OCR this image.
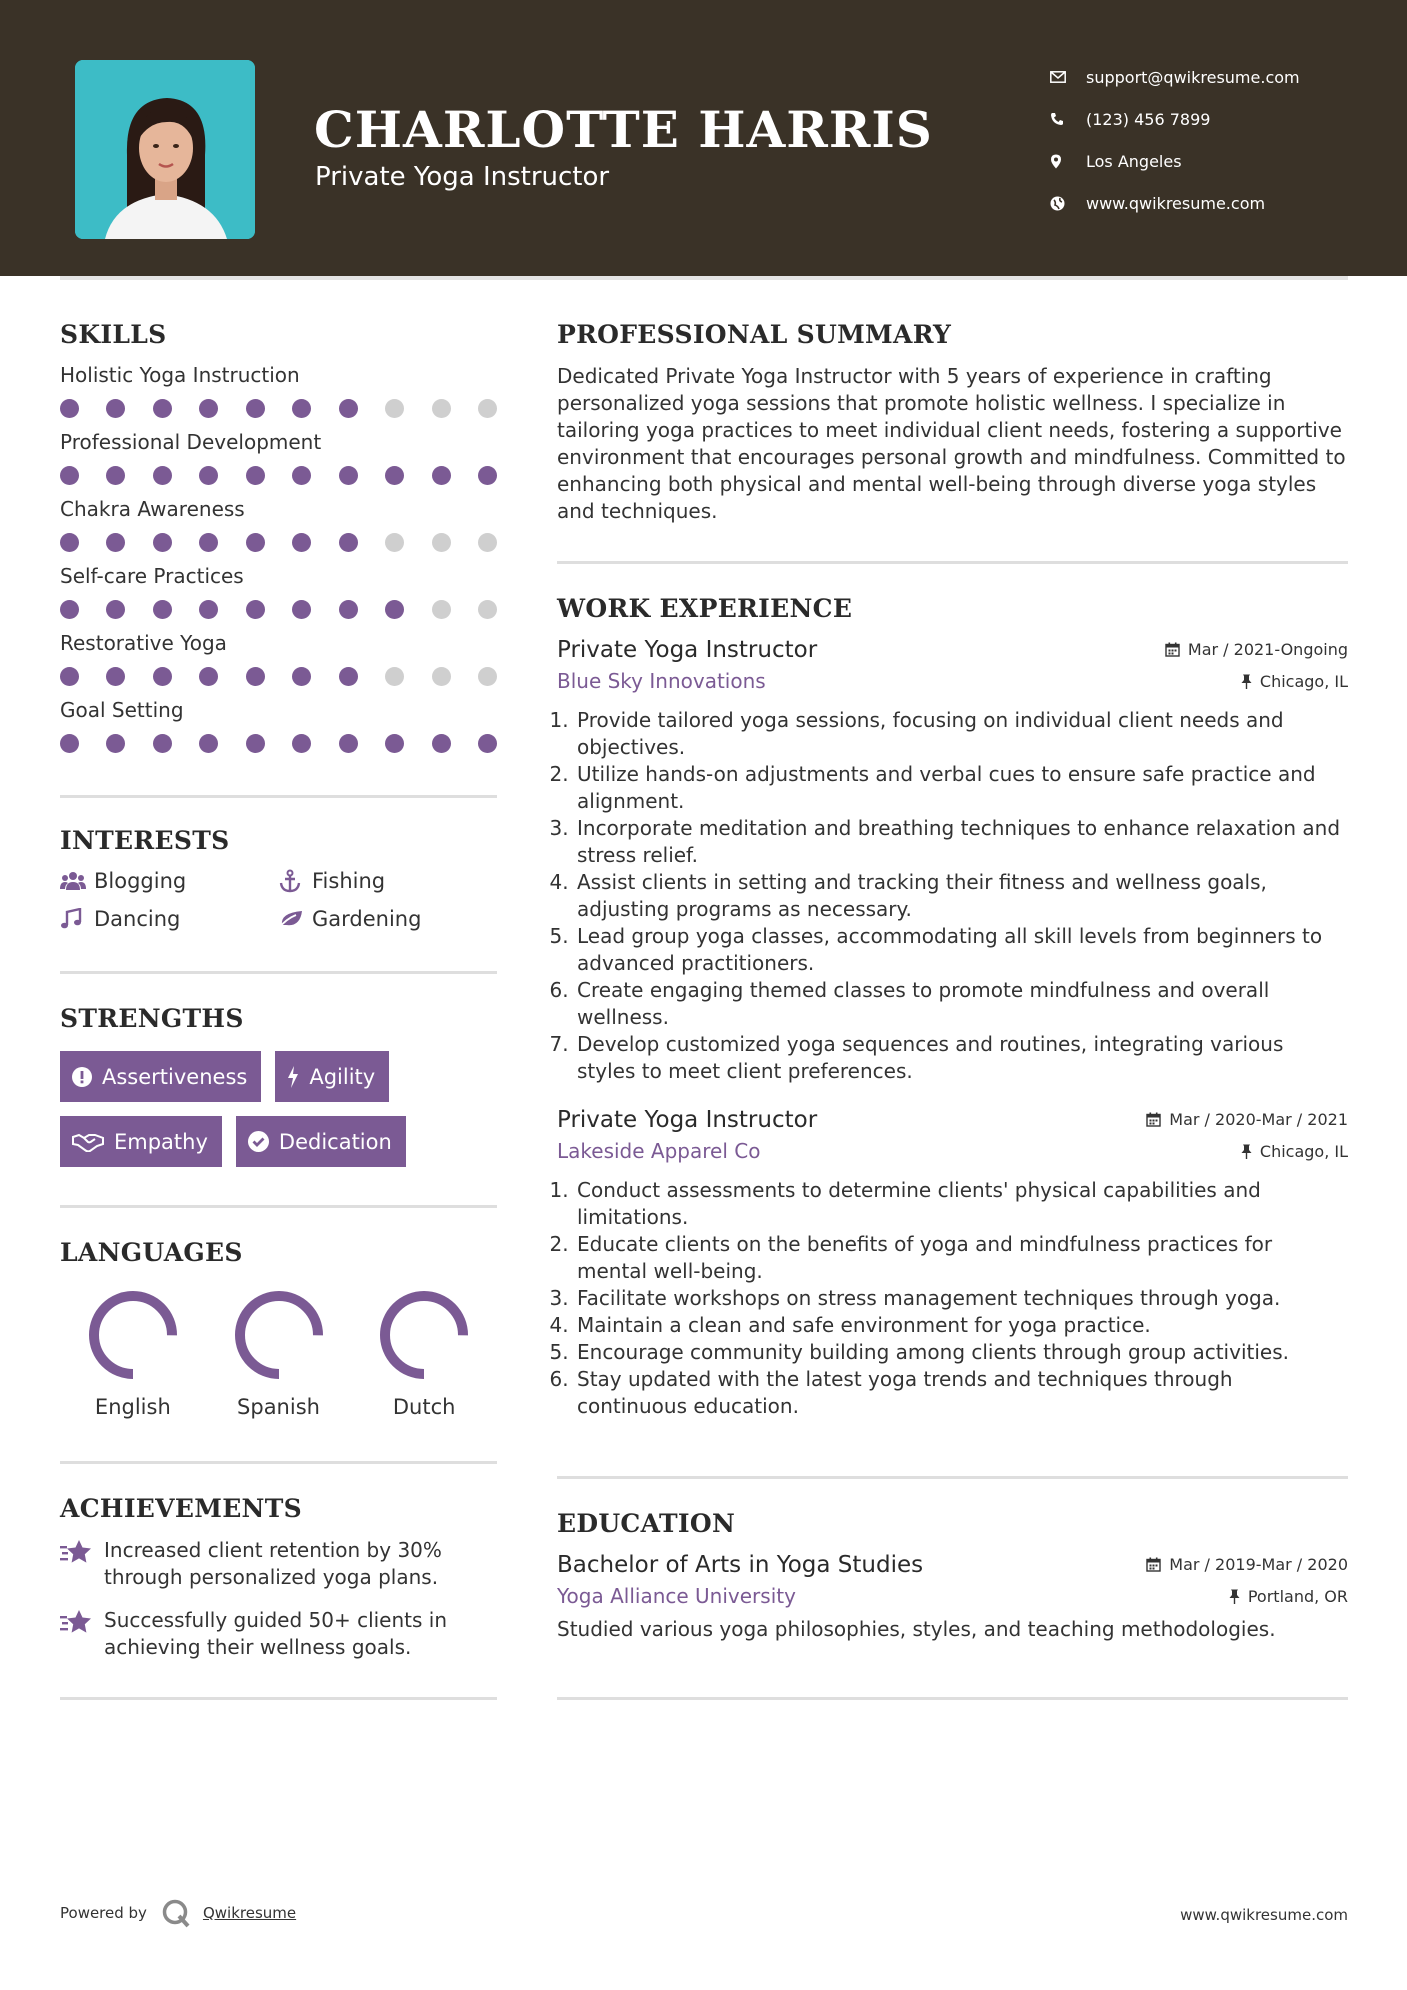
CHARLOTTE HARRIS
Private Yoga Instructor
support@qwikresume.com
(123) 456 7899
Los Angeles
www.qwikresume.com
SKILLS
Holistic Yoga Instruction
Professional Development
Chakra Awareness
Self-care Practices
Restorative Yoga
Goal Setting
INTERESTS
Blogging	Fishing
Dancing	Gardening
STRENGTHS
Assertiveness	Agility
Empathy	Dedication
LANGUAGES
English	Spanish	Dutch
ACHIEVEMENTS
Increased client retention by 30% through personalized yoga plans.
Successfully guided 50+ clients in achieving their wellness goals.
PROFESSIONAL SUMMARY
Dedicated Private Yoga Instructor with 5 years of experience in crafting personalized yoga sessions that promote holistic wellness. I specialize in tailoring yoga practices to meet individual client needs, fostering a supportive environment that encourages personal growth and mindfulness. Committed to enhancing both physical and mental well-being through diverse yoga styles and techniques.
WORK EXPERIENCE
Private Yoga Instructor	Mar / 2021-Ongoing
Blue Sky Innovations	Chicago, IL
1. Provide tailored yoga sessions, focusing on individual client needs and objectives.
2. Utilize hands-on adjustments and verbal cues to ensure safe practice and alignment.
3. Incorporate meditation and breathing techniques to enhance relaxation and stress relief.
4. Assist clients in setting and tracking their fitness and wellness goals, adjusting programs as necessary.
5. Lead group yoga classes, accommodating all skill levels from beginners to advanced practitioners.
6. Create engaging themed classes to promote mindfulness and overall wellness.
7. Develop customized yoga sequences and routines, integrating various styles to meet client preferences.
Private Yoga Instructor	Mar / 2020-Mar / 2021
Lakeside Apparel Co	Chicago, IL
1. Conduct assessments to determine clients' physical capabilities and limitations.
2. Educate clients on the benefits of yoga and mindfulness practices for mental well-being.
3. Facilitate workshops on stress management techniques through yoga.
4. Maintain a clean and safe environment for yoga practice.
5. Encourage community building among clients through group activities.
6. Stay updated with the latest yoga trends and techniques through continuous education.
EDUCATION
Bachelor of Arts in Yoga Studies	Mar / 2019-Mar / 2020
Yoga Alliance University	Portland, OR
Studied various yoga philosophies, styles, and teaching methodologies.
Powered by	Qwikresume	www.qwikresume.com
